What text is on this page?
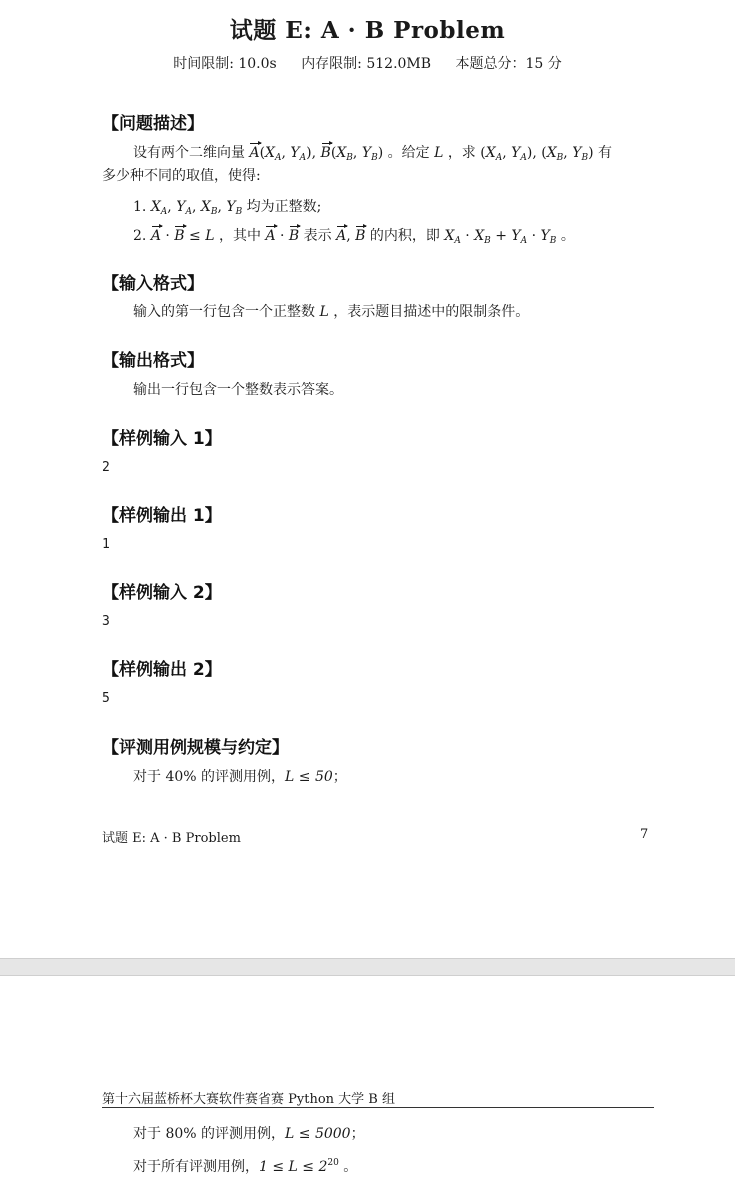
试题 E: A · B Problem
时间限制: 10.0s 内存限制: 512.0MB 本题总分：15 分
【问题描述】
设有两个二维向量 $A(X_A$, $Y_A$), $B(X_B$, $Y_B$) 。给定 L ，求 ($X_A$, $Y_A$), ($X_B$, $Y_B$) 有
多少种不同的取值，使得:
1. $X_A$, $Y_A$, $X_B$, $Y_B$ 均为正整数;
2. A · B ≤ L ，其中 A · B 表示 A, B 的内积，即 $X_A \cdot X_B + Y_A \cdot Y_B$ 。
【输入格式】
输入的第一行包含一个正整数 L ，表示题目描述中的限制条件。
【输出格式】
输出一行包含一个整数表示答案。
【样例输入 1】
2
【样例输出 1】
1
【样例输入 2】
3
【样例输出 2】
5
【评测用例规模与约定】
对于 40% 的评测用例，L ≤ 50；
试题 E: A · B Problem	7
第十六届蓝桥杯大赛软件赛省赛 Python 大学 B 组
对于 80% 的评测用例，L ≤ 5000；
对于所有评测用例，$1 \le L \le 2^{20}$ 。
